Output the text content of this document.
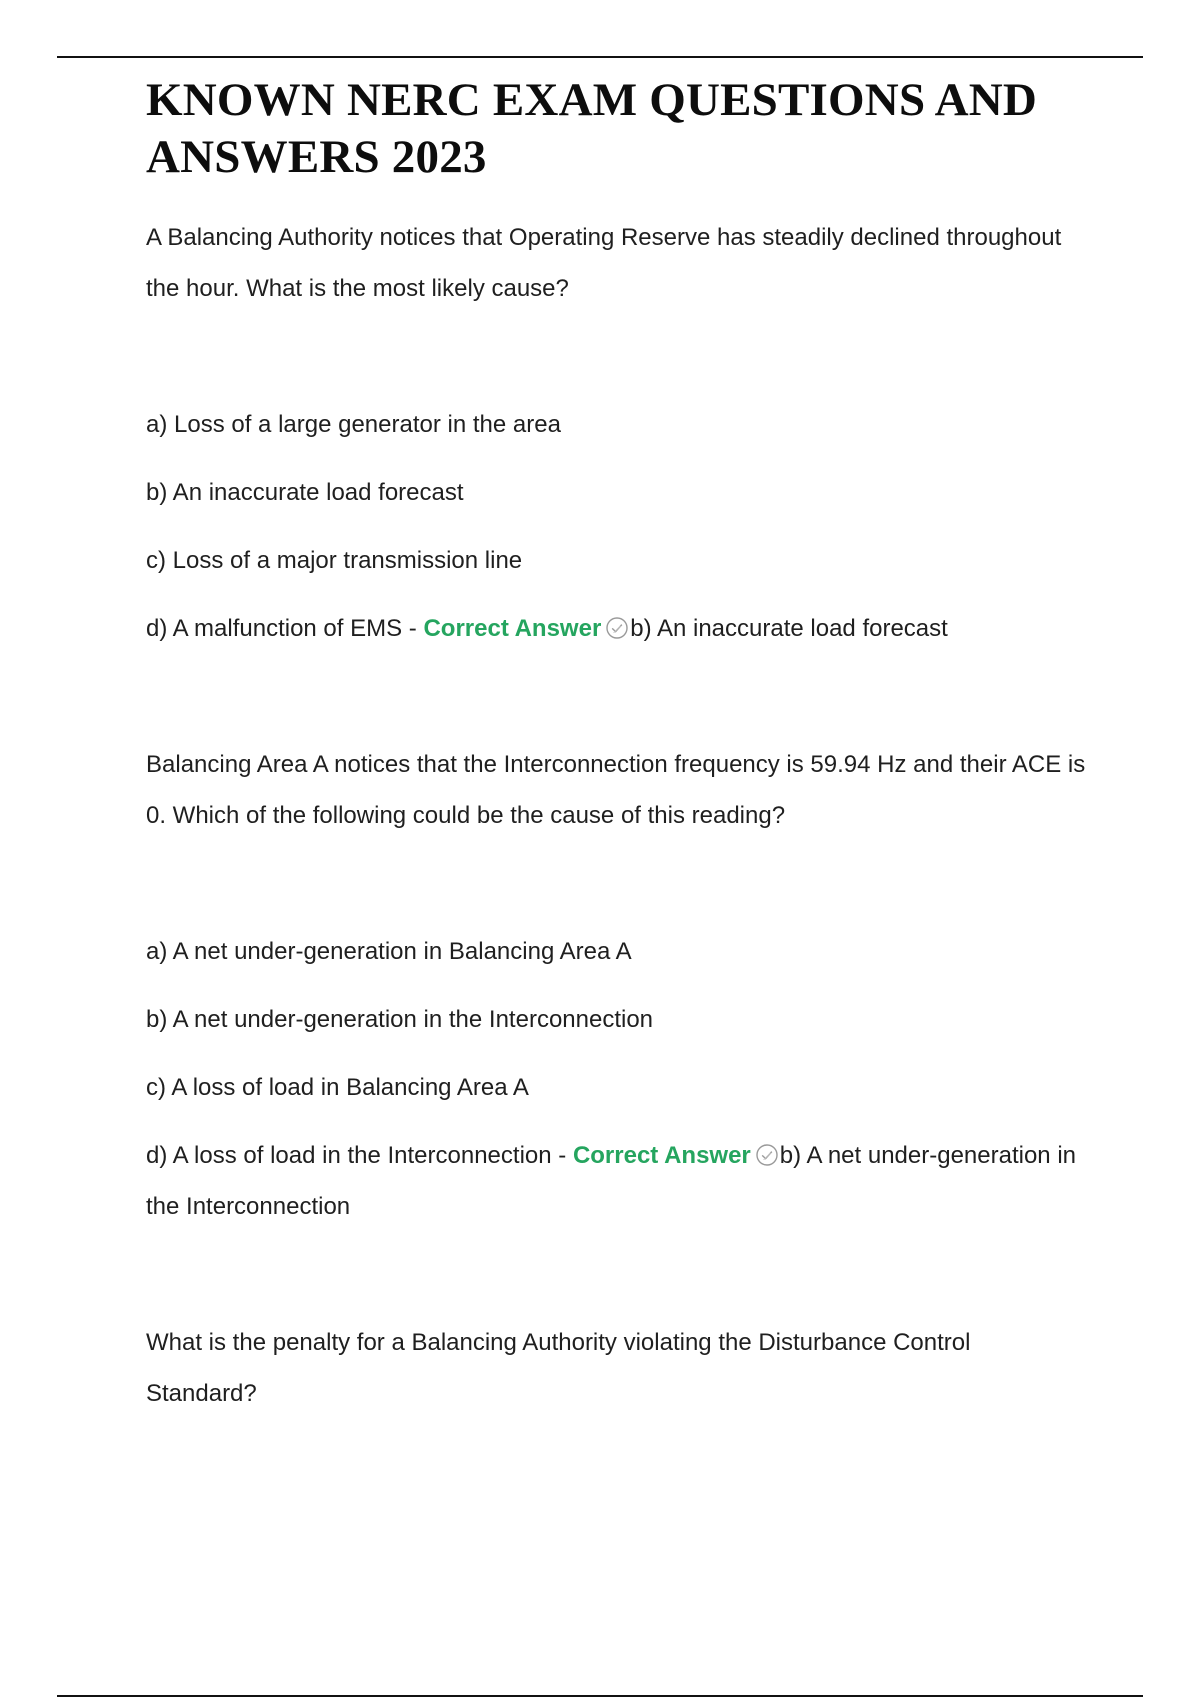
KNOWN NERC EXAM QUESTIONS AND ANSWERS 2023

A Balancing Authority notices that Operating Reserve has steadily declined throughout the hour. What is the most likely cause?

a) Loss of a large generator in the area

b) An inaccurate load forecast

c) Loss of a major transmission line

d) A malfunction of EMS - Correct Answer b) An inaccurate load forecast

Balancing Area A notices that the Interconnection frequency is 59.94 Hz and their ACE is 0. Which of the following could be the cause of this reading?

a) A net under-generation in Balancing Area A

b) A net under-generation in the Interconnection

c) A loss of load in Balancing Area A

d) A loss of load in the Interconnection - Correct Answer b) A net under-generation in the Interconnection

What is the penalty for a Balancing Authority violating the Disturbance Control Standard?
